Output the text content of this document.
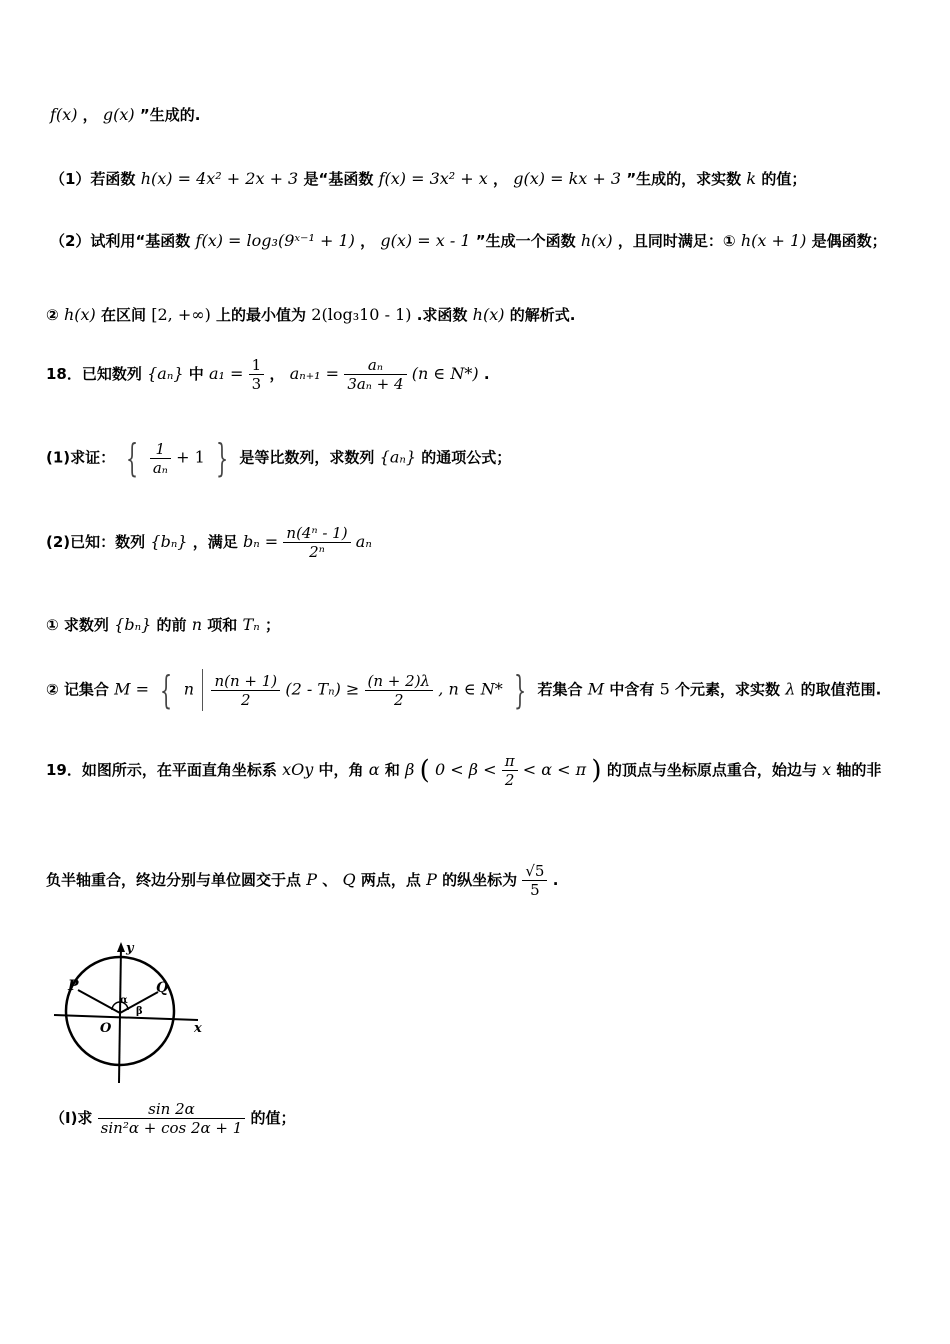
f(x) ， g(x) ”生成的.
（1）若函数 h(x) = 4x² + 2x + 3 是“基函数 f(x) = 3x² + x ， g(x) = kx + 3 ”生成的，求实数 k 的值；
（2）试利用“基函数 f(x) = log₃(9ˣ⁻¹ + 1) ， g(x) = x - 1 ”生成一个函数 h(x) ，且同时满足：① h(x + 1) 是偶函数；
② h(x) 在区间 [2, +∞) 上的最小值为 2(log₃10 - 1) .求函数 h(x) 的解析式.
18．已知数列 {aₙ} 中 $a_1 = \frac{1}{3}$ ， $a_{n+1} = \frac{\text{aₙ}}{\text{3aₙ + 4}} (n$ ∈ N*) .
(1)求证： { $\frac{1}{\text{aₙ}} + 1$ } 是等比数列，求数列 {aₙ} 的通项公式；
(2)已知：数列 {bₙ} ，满足 $b_n = \frac{\text{n(4ⁿ - 1)}}{\text{2ⁿ}}$ aₙ
① 求数列 {bₙ} 的前 n 项和 Tₙ ；
② 记集合 M = { n $\frac{n(n + 1)}{2} (2 - T_n) \ge \frac{(n + 2)\lambda}{2}$ , n ∈ N* } 若集合 M 中含有 5 个元素，求实数 λ 的取值范围.
19．如图所示，在平面直角坐标系 xOy 中，角 α 和 β ( $0 < \beta < \frac{\pi}{2} < \alpha < \pi$ ) 的顶点与坐标原点重合，始边与 x 轴的非
负半轴重合，终边分别与单位圆交于点 P 、 Q 两点，点 P 的纵坐标为 $\frac{√5}{5}$ .
y
x
P	Q
O
α
β
（Ⅰ)求 $\frac{\sin 2\alpha}{\text{sin²α + cos 2α + 1}}$ 的值；
